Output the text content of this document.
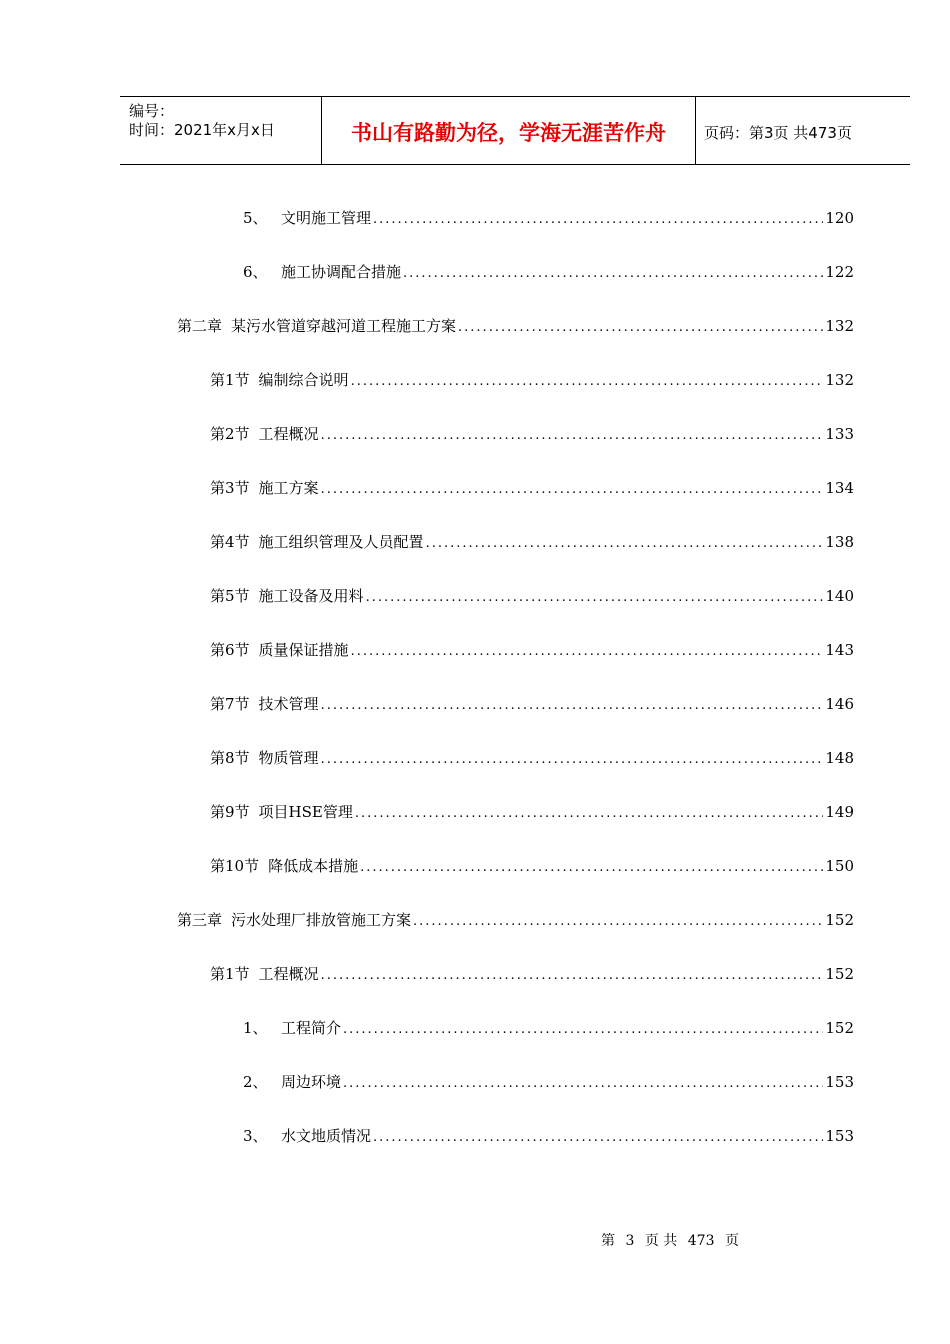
编号：
时间：2021年x月x日	书山有路勤为径，学海无涯苦作舟	页码：第3页 共473页
5、 文明施工管理 .....	120
6、 施工协调配合措施 .....	122
第二章 某污水管道穿越河道工程施工方案 .....	132
第1节 编制综合说明 .....	132
第2节 工程概况 .....	133
第3节 施工方案 .....	134
第4节 施工组织管理及人员配置 .....	138
第5节 施工设备及用料 .....	140
第6节 质量保证措施 .....	143
第7节 技术管理 .....	146
第8节 物质管理 .....	148
第9节 项目HSE管理 .....	149
第10节 降低成本措施 .....	150
第三章 污水处理厂排放管施工方案 .....	152
第1节 工程概况 .....	152
1、 工程简介 .....	152
2、 周边环境 .....	153
3、 水文地质情况 .....	153
第 3 页 共 473 页
